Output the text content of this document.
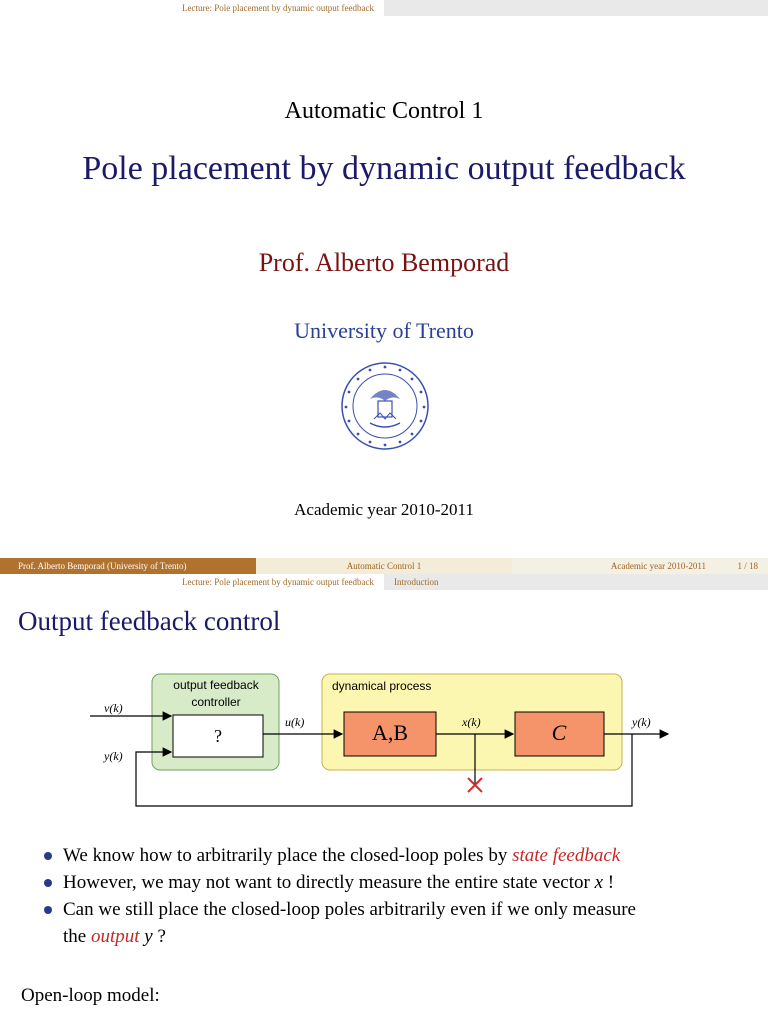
Lecture: Pole placement by dynamic output feedback
Automatic Control 1
Pole placement by dynamic output feedback
Prof. Alberto Bemporad
University of Trento
Academic year 2010-2011
Prof. Alberto Bemporad (University of Trento)	Automatic Control 1	Academic year 2010-2011	1 / 18
Lecture: Pole placement by dynamic output feedback	Introduction
Output feedback control
output feedback
controller
?
dynamical process
A,B	C
v(k)
y(k)
u(k)	x(k)	y(k)
We know how to arbitrarily place the closed-loop poles by state feedback
However, we may not want to directly measure the entire state vector x !
Can we still place the closed-loop poles arbitrarily even if we only measure
the output y ?
Open-loop model:
